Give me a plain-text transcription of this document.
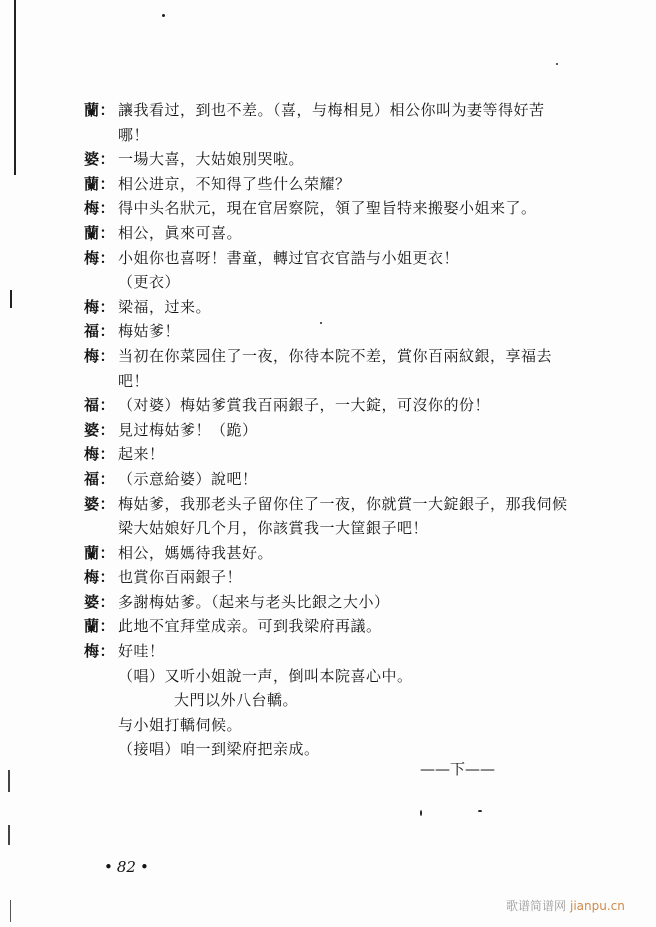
蘭 ： 讓我看过，到也不差。（喜，与梅相見）相公你叫为妻等得好苦
哪！
婆 ： 一場大喜，大姑娘別哭啦。
蘭 ： 相公进京，不知得了些什么荣耀？
梅 ： 得中头名狀元，現在官居察院，領了聖旨特来搬娶小姐来了。
蘭 ： 相公，眞來可喜。
梅 ： 小姐你也喜呀！書童，轉过官衣官誥与小姐更衣！
（更衣）
梅 ： 梁福，过来。
福 ： 梅姑爹！
梅 ： 当初在你菜园住了一夜，你待本院不差，賞你百兩紋銀，享福去
吧！
福 ： （对婆）梅姑爹賞我百兩銀子，一大錠，可沒你的份！
婆 ： 見过梅姑爹！（跪）
梅 ： 起来！
福 ： （示意給婆）說吧！
婆 ： 梅姑爹，我那老头子留你住了一夜，你就賞一大錠銀子，那我伺候
梁大姑娘好几个月，你該賞我一大筐銀子吧！
蘭 ： 相公，媽媽待我甚好。
梅 ： 也賞你百兩銀子！
婆 ： 多謝梅姑爹。（起来与老头比銀之大小）
蘭 ： 此地不宜拜堂成亲。可到我梁府再議。
梅 ： 好哇！
（唱）又听小姐說一声，倒叫本院喜心中。
大門以外八台轎。
与小姐打轎伺候。
（接唱）咱一到梁府把亲成。
——下——
• 82 •
歌谱简谱网 jianpu.cn
